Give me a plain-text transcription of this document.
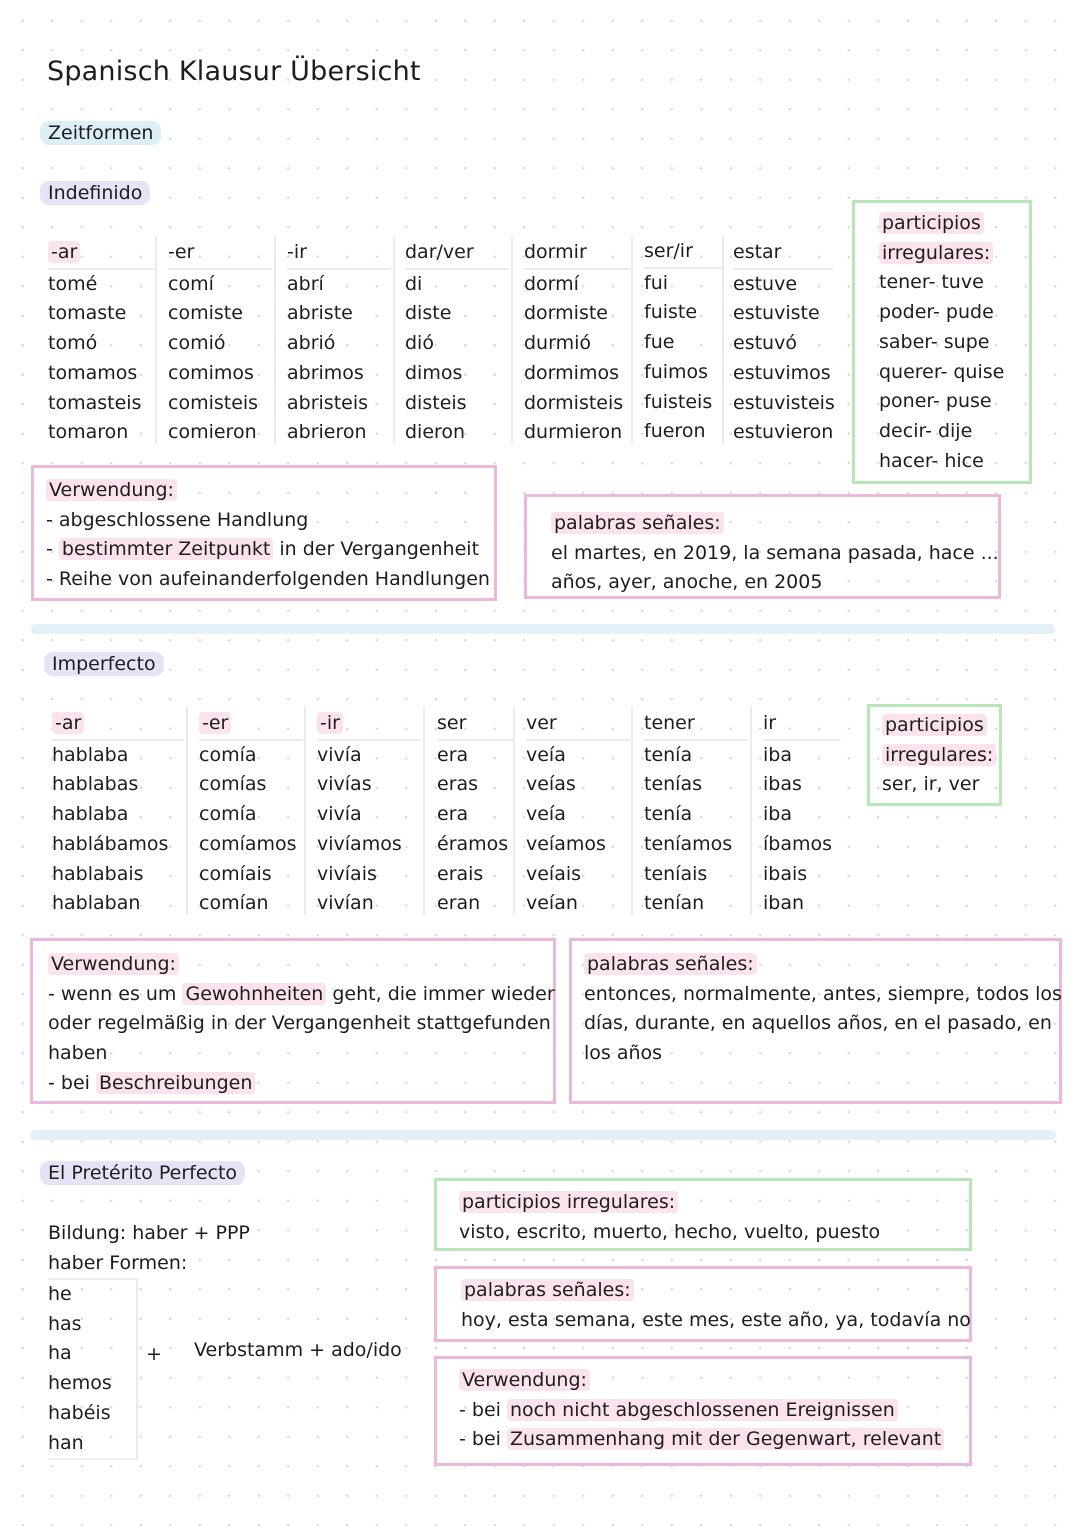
Spanisch Klausur Übersicht
Zeitformen
Indefinido
-ar
tomé
tomaste
tomó
tomamos
tomasteis
tomaron
-er
comí
comiste
comió
comimos
comisteis
comieron
-ir
abrí
abriste
abrió
abrimos
abristeis
abrieron
dar/ver
di
diste
dió
dimos
disteis
dieron
dormir
dormí
dormiste
durmió
dormimos
dormisteis
durmieron
ser/ir
fui
fuiste
fue
fuimos
fuisteis
fueron
estar
estuve
estuviste
estuvó
estuvimos
estuvisteis
estuvieron
participios
irregulares:
tener- tuve
poder- pude
saber- supe
querer- quise
poner- puse
decir- dije
hacer- hice
Verwendung:
- abgeschlossene Handlung
- bestimmter Zeitpunkt in der Vergangenheit
- Reihe von aufeinanderfolgenden Handlungen
palabras señales:
el martes, en 2019, la semana pasada, hace ...
años, ayer, anoche, en 2005
Imperfecto
-ar
hablaba
hablabas
hablaba
hablábamos
hablabais
hablaban
-er
comía
comías
comía
comíamos
comíais
comían
-ir
vivía
vivías
vivía
vivíamos
vivíais
vivían
ser
era
eras
era
éramos
erais
eran
ver
veía
veías
veía
veíamos
veíais
veían
tener
tenía
tenías
tenía
teníamos
teníais
tenían
ir
iba
ibas
iba
íbamos
ibais
iban
participios
irregulares:
ser, ir, ver
Verwendung:
- wenn es um Gewohnheiten geht, die immer wieder
oder regelmäßig in der Vergangenheit stattgefunden
haben
- bei Beschreibungen
palabras señales:
entonces, normalmente, antes, siempre, todos los
días, durante, en aquellos años, en el pasado, en
los años
El Pretérito Perfecto
Bildung: haber + PPP
haber Formen:
he
has
ha
hemos
habéis
han
+ Verbstamm + ado/ido
participios irregulares:
visto, escrito, muerto, hecho, vuelto, puesto
palabras señales:
hoy, esta semana, este mes, este año, ya, todavía no
Verwendung:
- bei noch nicht abgeschlossenen Ereignissen
- bei Zusammenhang mit der Gegenwart, relevant
